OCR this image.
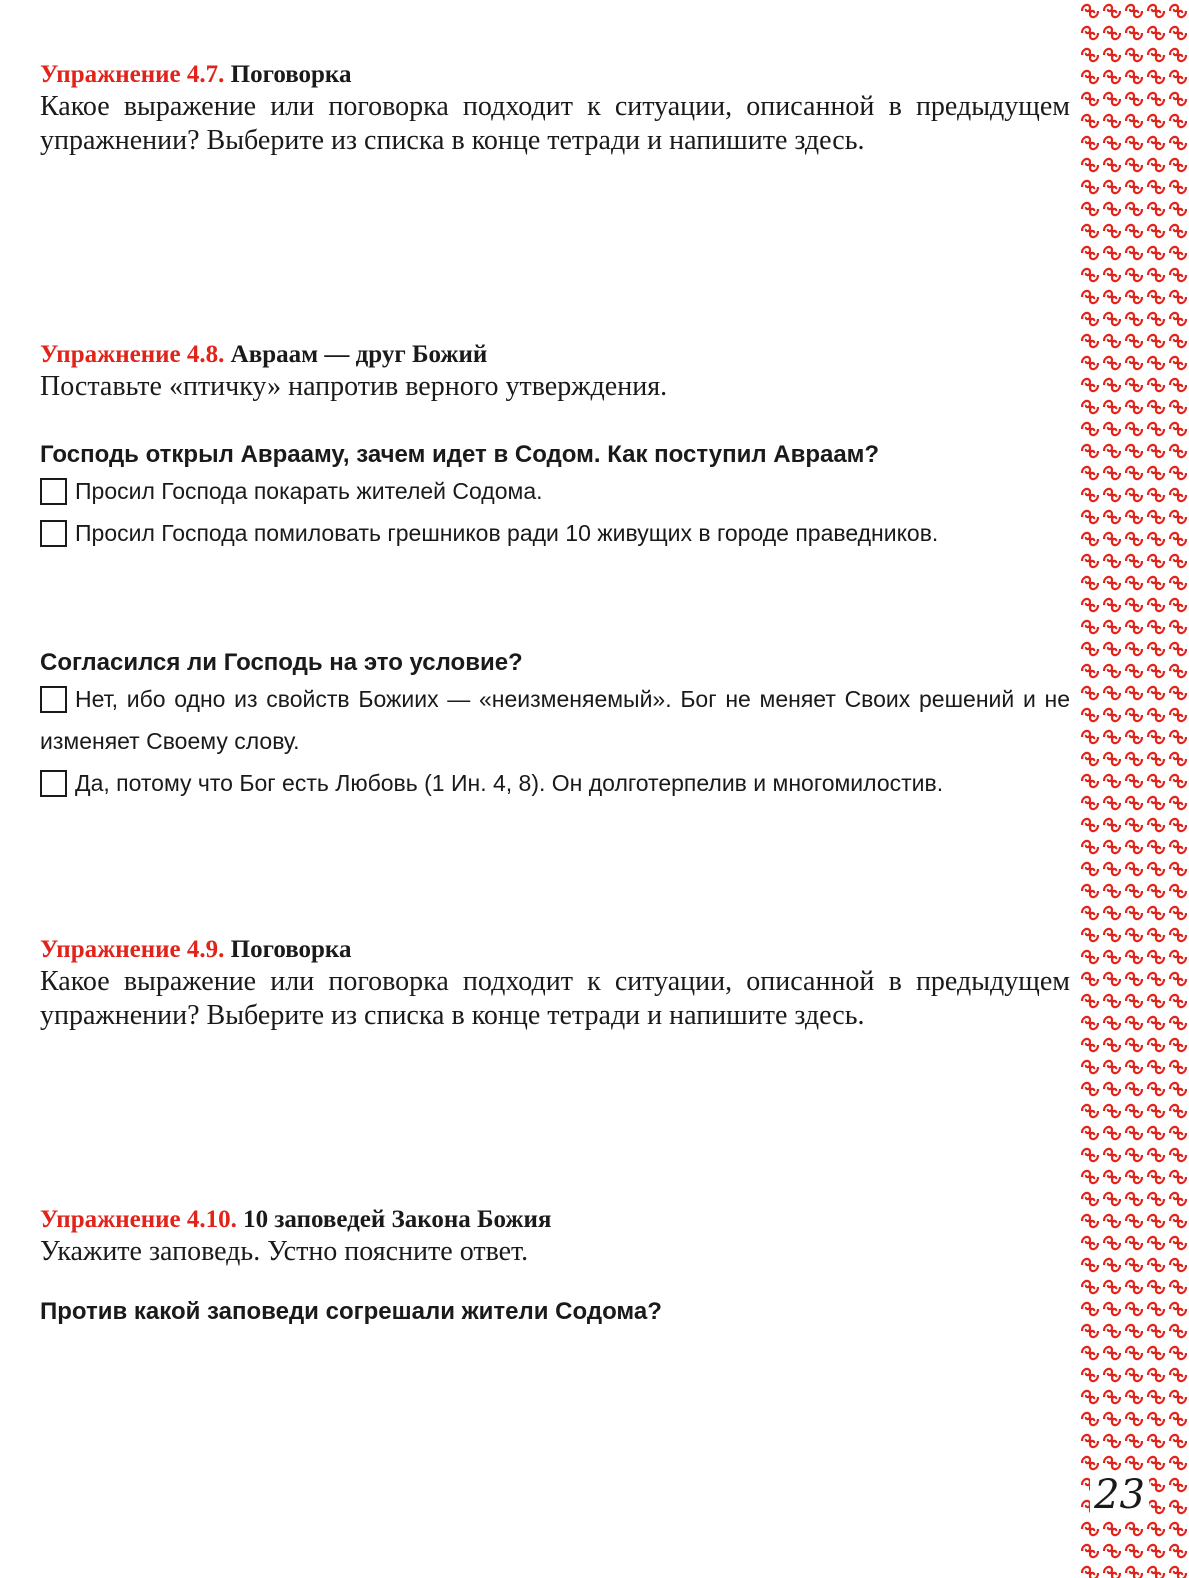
Упражнение 4.7. Поговорка
Какое выражение или поговорка подходит к ситуации, описанной в предыдущем упражнении? Выберите из списка в конце тетради и напишите здесь.
Упражнение 4.8. Авраам — друг Божий
Поставьте «птичку» напротив верного утверждения.
Господь открыл Аврааму, зачем идет в Содом. Как поступил Авраам?
Просил Господа покарать жителей Содома.
Просил Господа помиловать грешников ради 10 живущих в городе праведников.
Согласился ли Господь на это условие?
Нет, ибо одно из свойств Божиих — «неизменяемый». Бог не меняет Своих решений и не изменяет Своему слову.
Да, потому что Бог есть Любовь (1 Ин. 4, 8). Он долготерпелив и многомилостив.
Упражнение 4.9. Поговорка
Какое выражение или поговорка подходит к ситуации, описанной в предыдущем упражнении? Выберите из списка в конце тетради и напишите здесь.
Упражнение 4.10. 10 заповедей Закона Божия
Укажите заповедь. Устно поясните ответ.
Против какой заповеди согрешали жители Содома?
23
